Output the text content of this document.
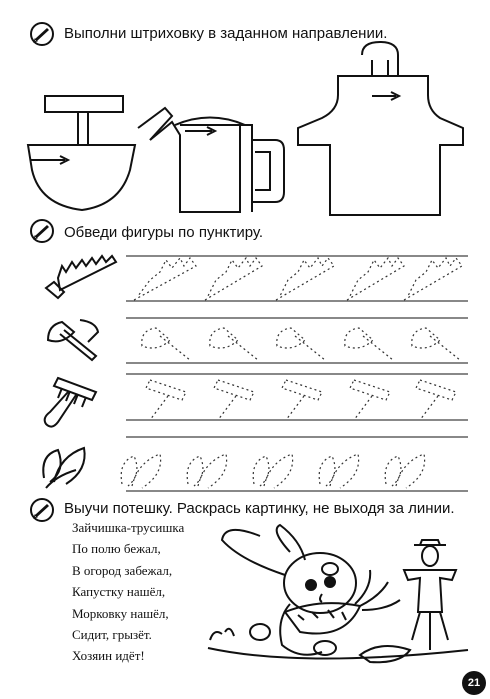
Выполни штриховку в заданном направлении.
Обведи фигуры по пунктиру.
Выучи потешку. Раскрась картинку, не выходя за линии.
Зайчишка-трусишка
По полю бежал,
В огород забежал,
Капустку нашёл,
Морковку нашёл,
Сидит, грызёт.
Хозяин идёт!
21
